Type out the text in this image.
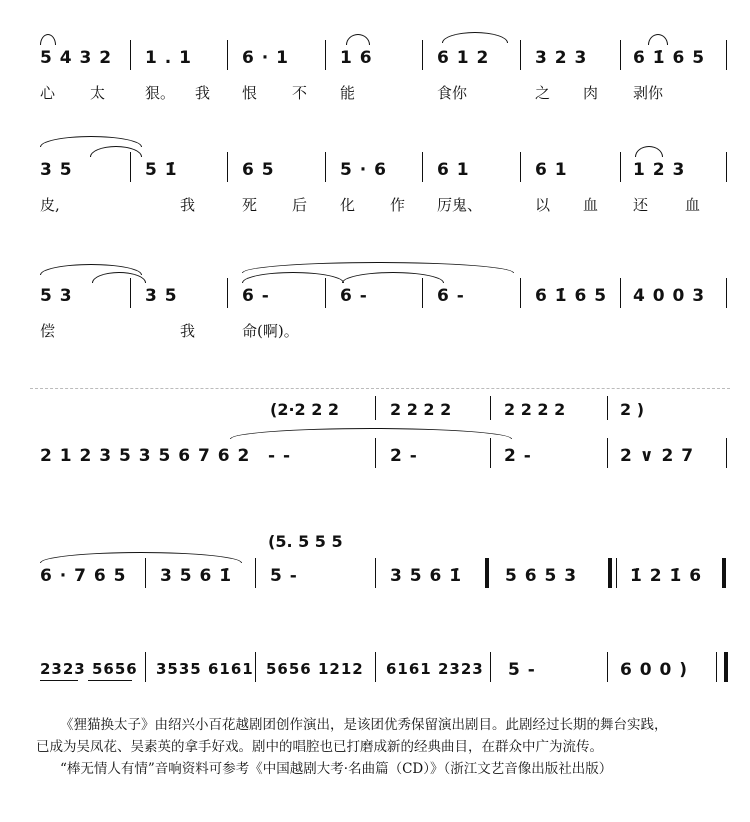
5 4 3 2 1 . 1	6 · 1	1 6	6 1 2	3 2 3	6 1̇ 6 5
心 太	狠。 我 恨 不 能	食你	之 肉 剥你
3 5	5 1̇	6 5	5 · 6	6 1	6 1	1 2 3
皮,	我	死 后 化 作 厉鬼、	以 血 还 血
5 3	3 5	6 -	6 -	6 -	6 1̇ 6 5 4 0 0 3
偿	我	命(啊)。
(2·2 2 2	2 2 2 2	2 2 2 2	2 )
2 1 2 3 5 3 5 6 7 6 2 - -	2 -	2 -	2 ∨ 2 7
(5. 5 5 5
6 · 7 6 5 3 5 6 1̇ 5 -	3 5 6 1̇	5 6 5 3	1̇ 2 1̇ 6
2323 5656 3535 6161 5656 1212 6161 2323 5 -	6 0 0 )
《狸猫换太子》由绍兴小百花越剧团创作演出，是该团优秀保留演出剧目。此剧经过长期的舞台实践，
已成为吴凤花、吴素英的拿手好戏。剧中的唱腔也已打磨成新的经典曲目，在群众中广为流传。
“棒无情人有情”音响资料可参考《中国越剧大考·名曲篇（CD）》（浙江文艺音像出版社出版）
